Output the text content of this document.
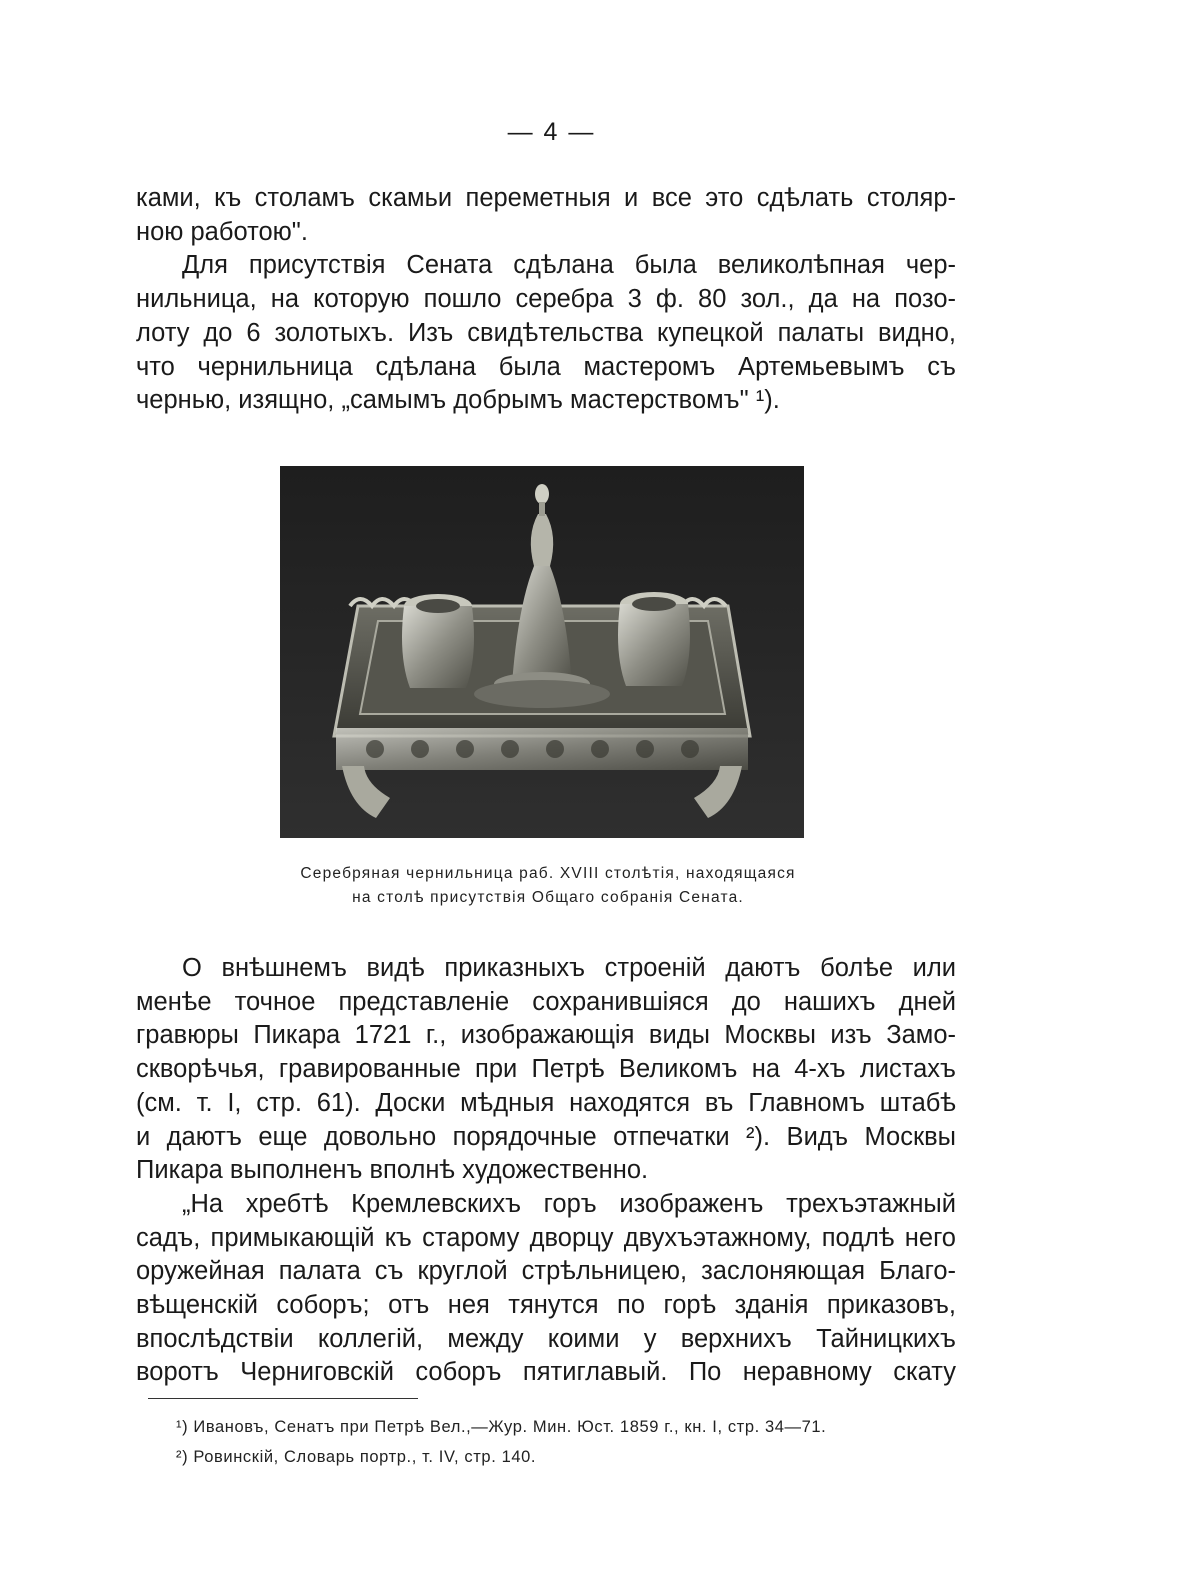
— 4 —

ками, къ столамъ скамьи переметныя и все это сдѣлать столяр-
ною работою".

Для присутствія Сената сдѣлана была великолѣпная чер-
нильница, на которую пошло серебра 3 ф. 80 зол., да на позо-
лоту до 6 золотыхъ. Изъ свидѣтельства купецкой палаты видно,
что чернильница сдѣлана была мастеромъ Артемьевымъ съ
чернью, изящно, „самымъ добрымъ мастерствомъ" ¹).

Серебряная чернильница раб. XVIII столѣтія, находящаяся
на столѣ присутствія Общаго собранія Сената.

О внѣшнемъ видѣ приказныхъ строеній даютъ болѣе или
менѣе точное представленіе сохранившіяся до нашихъ дней
гравюры Пикара 1721 г., изображающія виды Москвы изъ Замо-
скворѣчья, гравированные при Петрѣ Великомъ на 4-хъ листахъ
(см. т. I, стр. 61). Доски мѣдныя находятся въ Главномъ штабѣ
и даютъ еще довольно порядочные отпечатки ²). Видъ Москвы
Пикара выполненъ вполнѣ художественно.

„На хребтѣ Кремлевскихъ горъ изображенъ трехъэтажный
садъ, примыкающій къ старому дворцу двухъэтажному, подлѣ него
оружейная палата съ круглой стрѣльницею, заслоняющая Благо-
вѣщенскій соборъ; отъ нея тянутся по горѣ зданія приказовъ,
впослѣдствіи коллегій, между коими у верхнихъ Тайницкихъ
воротъ Черниговскій соборъ пятиглавый. По неравному скату

¹) Ивановъ, Сенатъ при Петрѣ Вел.,—Жур. Мин. Юст. 1859 г., кн. I, стр. 34—71.
²) Ровинскій, Словарь портр., т. IV, стр. 140.
